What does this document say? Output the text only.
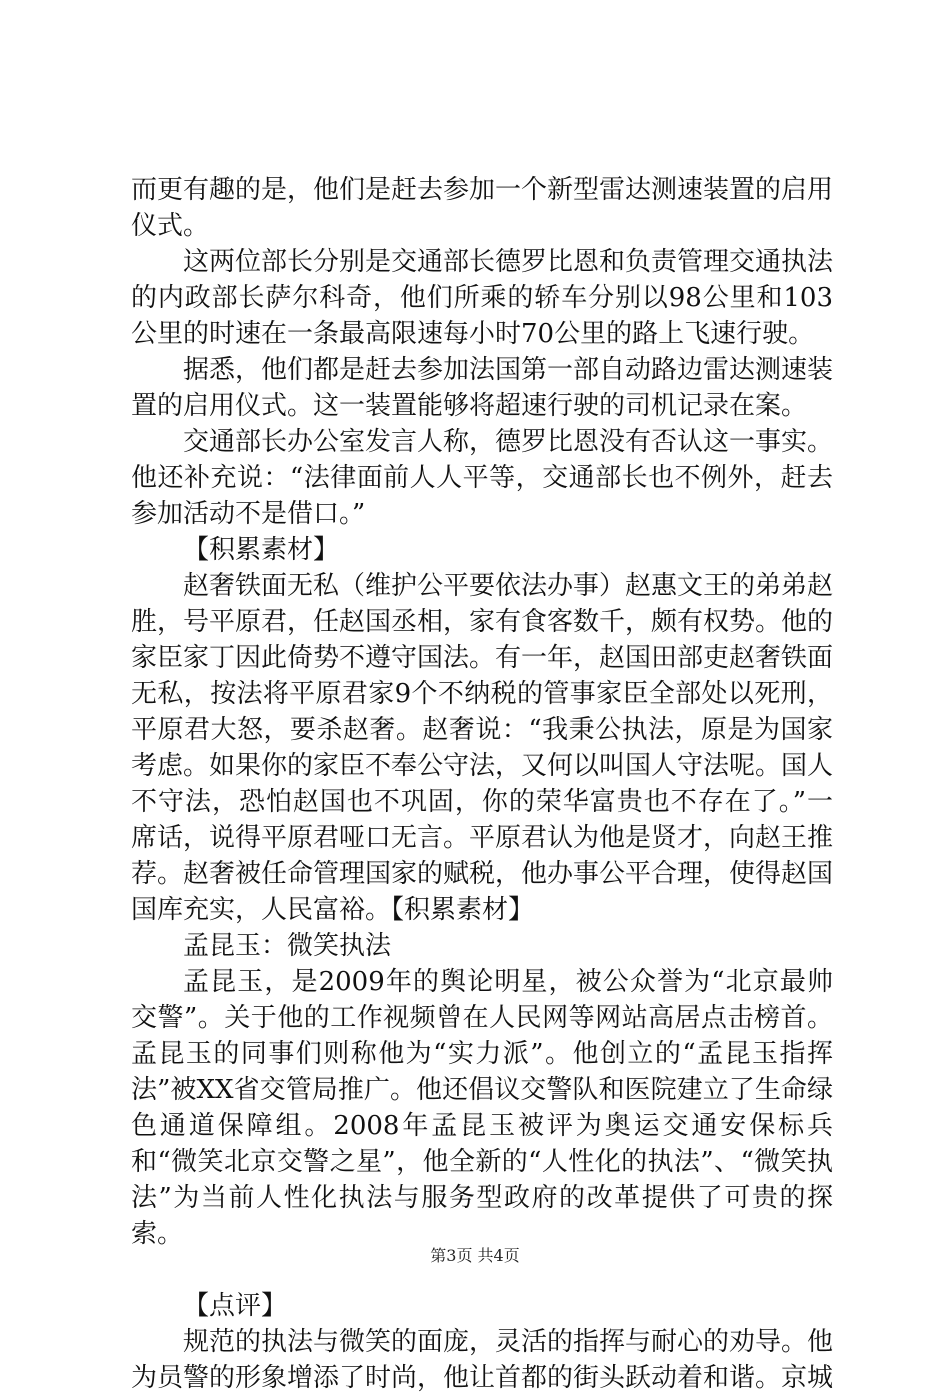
而更有趣的是，他们是赶去参加一个新型雷达测速装置的启用仪式。

这两位部长分别是交通部长德罗比恩和负责管理交通执法的内政部长萨尔科奇，他们所乘的轿车分别以98公里和103公里的时速在一条最高限速每小时70公里的路上飞速行驶。

据悉，他们都是赶去参加法国第一部自动路边雷达测速装置的启用仪式。这一装置能够将超速行驶的司机记录在案。

交通部长办公室发言人称，德罗比恩没有否认这一事实。他还补充说：“法律面前人人平等，交通部长也不例外，赶去参加活动不是借口。”

【积累素材】

赵奢铁面无私（维护公平要依法办事）赵惠文王的弟弟赵胜，号平原君，任赵国丞相，家有食客数千，颇有权势。他的家臣家丁因此倚势不遵守国法。有一年，赵国田部吏赵奢铁面无私，按法将平原君家9个不纳税的管事家臣全部处以死刑，平原君大怒，要杀赵奢。赵奢说：“我秉公执法，原是为国家考虑。如果你的家臣不奉公守法，又何以叫国人守法呢。国人不守法，恐怕赵国也不巩固，你的荣华富贵也不存在了。”一席话，说得平原君哑口无言。平原君认为他是贤才，向赵王推荐。赵奢被任命管理国家的赋税，他办事公平合理，使得赵国国库充实，人民富裕。【积累素材】

孟昆玉：微笑执法

孟昆玉，是2009年的舆论明星，被公众誉为“北京最帅交警”。关于他的工作视频曾在人民网等网站高居点击榜首。孟昆玉的同事们则称他为“实力派”。他创立的“孟昆玉指挥法”被XX省交管局推广。他还倡议交警队和医院建立了生命绿色通道保障组。2008年孟昆玉被评为奥运交通安保标兵和“微笑北京交警之星”，他全新的“人性化的执法”、“微笑执法”为当前人性化执法与服务型政府的改革提供了可贵的探索。

【点评】

规范的执法与微笑的面庞，灵活的指挥与耐心的劝导。他为员警的形象增添了时尚，他让首都的街头跃动着和谐。京城

第3页 共4页
